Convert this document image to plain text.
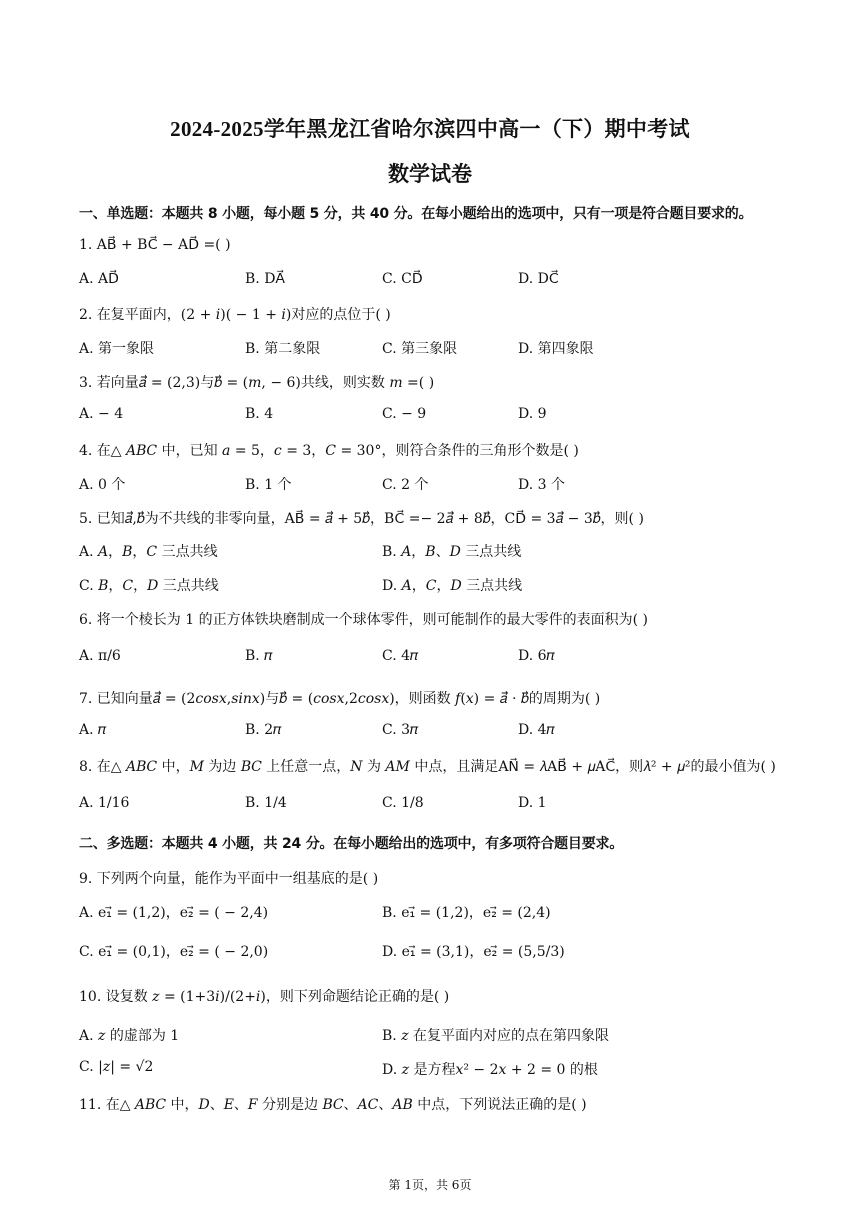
2024-2025学年黑龙江省哈尔滨四中高一（下）期中考试
数学试卷
一、单选题：本题共 8 小题，每小题 5 分，共 40 分。在每小题给出的选项中，只有一项是符合题目要求的。
1. AB⃗ + BC⃗ − AD⃗ =( )
A. AD⃗	B. DA⃗	C. CD⃗	D. DC⃗
2. 在复平面内，(2 + 𝑖)( − 1 + 𝑖)对应的点位于( )
A. 第一象限	B. 第二象限	C. 第三象限	D. 第四象限
3. 若向量𝑎⃗ = (2,3)与𝑏⃗ = (𝑚, − 6)共线，则实数 𝑚 =( )
A. − 4	B. 4	C. − 9	D. 9
4. 在△ 𝐴𝐵𝐶 中，已知 𝑎 = 5，𝑐 = 3，𝐶 = 30°，则符合条件的三角形个数是( )
A. 0 个	B. 1 个	C. 2 个	D. 3 个
5. 已知𝑎⃗,𝑏⃗为不共线的非零向量，AB⃗ = 𝑎⃗ + 5𝑏⃗，BC⃗ =− 2𝑎⃗ + 8𝑏⃗，CD⃗ = 3𝑎⃗ − 3𝑏⃗，则( )
A. 𝐴，𝐵，𝐶 三点共线	B. 𝐴，𝐵、𝐷 三点共线
C. 𝐵，𝐶，𝐷 三点共线	D. 𝐴，𝐶，𝐷 三点共线
6. 将一个棱长为 1 的正方体铁块磨制成一个球体零件，则可能制作的最大零件的表面积为( )
A. π/6	B. 𝜋	C. 4𝜋	D. 6𝜋
7. 已知向量𝑎⃗ = (2𝑐𝑜𝑠𝑥,𝑠𝑖𝑛𝑥)与𝑏⃗ = (𝑐𝑜𝑠𝑥,2𝑐𝑜𝑠𝑥)，则函数 𝑓(𝑥) = 𝑎⃗ ⋅ 𝑏⃗的周期为( )
A. 𝜋	B. 2𝜋	C. 3𝜋	D. 4𝜋
8. 在△ 𝐴𝐵𝐶 中，𝑀 为边 𝐵𝐶 上任意一点，𝑁 为 𝐴𝑀 中点，且满足AN⃗ = 𝜆AB⃗ + 𝜇AC⃗，则𝜆² + 𝜇²的最小值为( )
A. 1/16	B. 1/4	C. 1/8	D. 1
二、多选题：本题共 4 小题，共 24 分。在每小题给出的选项中，有多项符合题目要求。
9. 下列两个向量，能作为平面中一组基底的是( )
A. e₁⃗ = (1,2)，e₂⃗ = ( − 2,4)	B. e₁⃗ = (1,2)，e₂⃗ = (2,4)
C. e₁⃗ = (0,1)，e₂⃗ = ( − 2,0)	D. e₁⃗ = (3,1)，e₂⃗ = (5,5/3)
10. 设复数 𝑧 = (1+3𝑖)/(2+𝑖)，则下列命题结论正确的是( )
A. 𝑧 的虚部为 1	B. 𝑧 在复平面内对应的点在第四象限
C. |𝑧| = √2	D. 𝑧 是方程𝑥² − 2𝑥 + 2 = 0 的根
11. 在△ 𝐴𝐵𝐶 中，𝐷、𝐸、𝐹 分别是边 𝐵𝐶、𝐴𝐶、𝐴𝐵 中点，下列说法正确的是( )
第 1页，共 6页
